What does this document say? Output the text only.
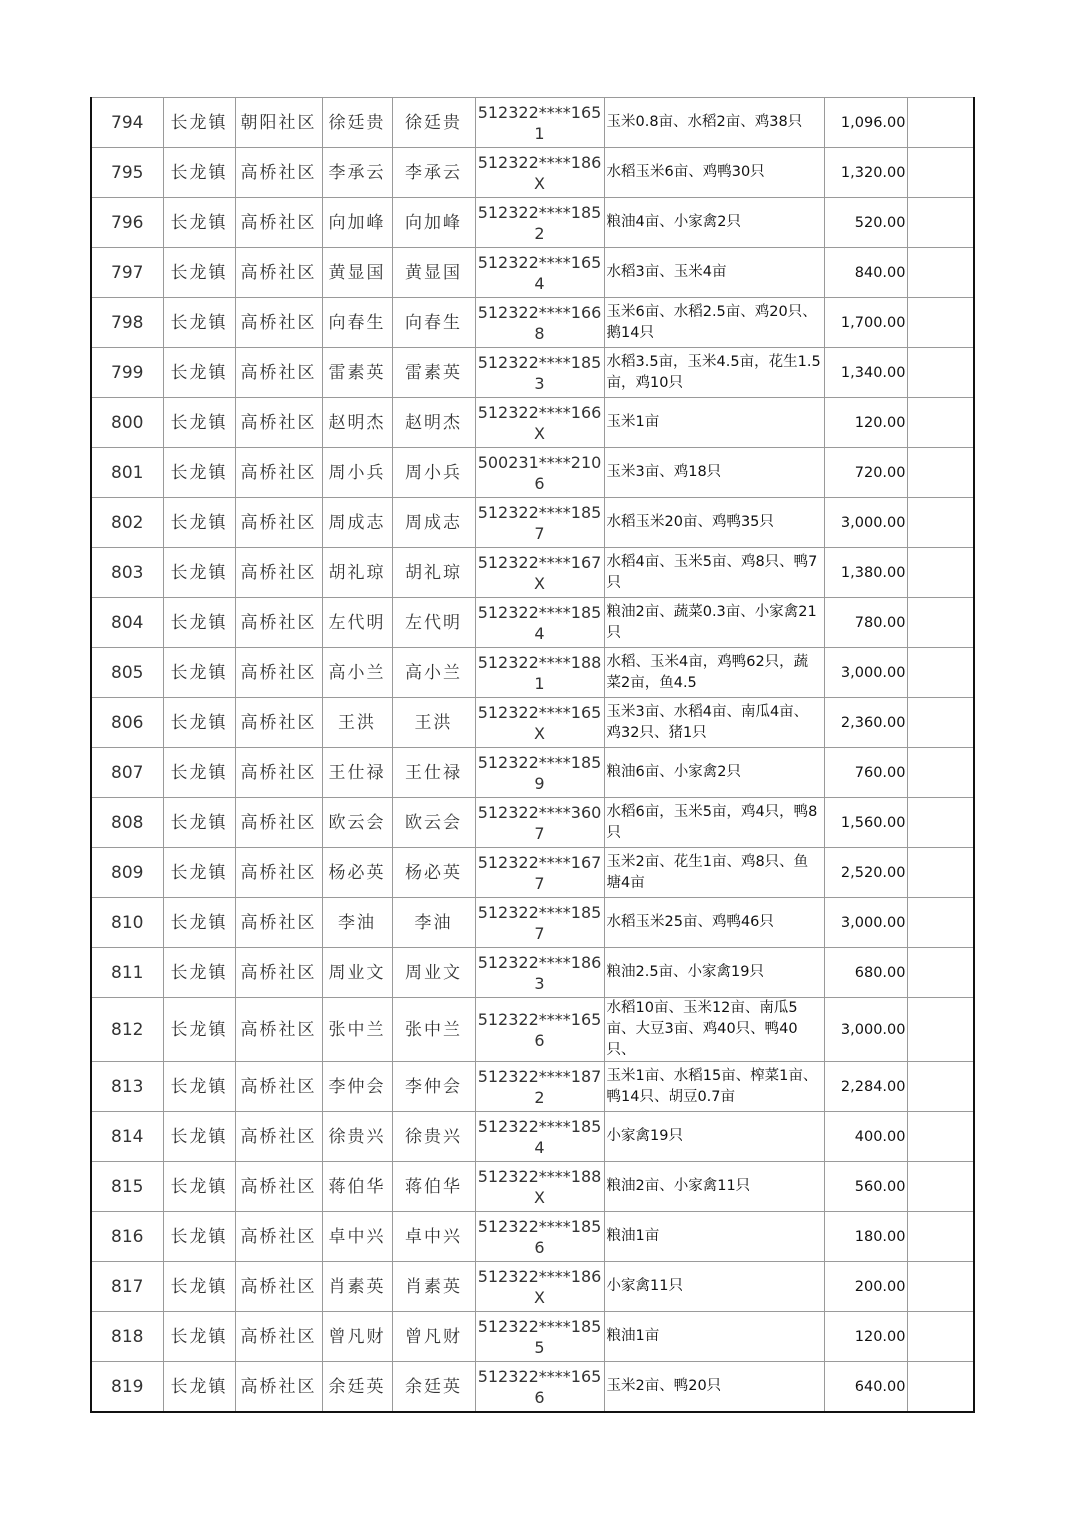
794	长龙镇	朝阳社区	徐廷贵	徐廷贵	512322****1651	玉米0.8亩、水稻2亩、鸡38只	1,096.00	
795	长龙镇	高桥社区	李承云	李承云	512322****186X	水稻玉米6亩、鸡鸭30只	1,320.00	
796	长龙镇	高桥社区	向加峰	向加峰	512322****1852	粮油4亩、小家禽2只	520.00	
797	长龙镇	高桥社区	黄显国	黄显国	512322****1654	水稻3亩、玉米4亩	840.00	
798	长龙镇	高桥社区	向春生	向春生	512322****1668	玉米6亩、水稻2.5亩、鸡20只、鹅14只	1,700.00	
799	长龙镇	高桥社区	雷素英	雷素英	512322****1853	水稻3.5亩，玉米4.5亩，花生1.5亩，鸡10只	1,340.00	
800	长龙镇	高桥社区	赵明杰	赵明杰	512322****166X	玉米1亩	120.00	
801	长龙镇	高桥社区	周小兵	周小兵	500231****2106	玉米3亩、鸡18只	720.00	
802	长龙镇	高桥社区	周成志	周成志	512322****1857	水稻玉米20亩、鸡鸭35只	3,000.00	
803	长龙镇	高桥社区	胡礼琼	胡礼琼	512322****167X	水稻4亩、玉米5亩、鸡8只、鸭7只	1,380.00	
804	长龙镇	高桥社区	左代明	左代明	512322****1854	粮油2亩、蔬菜0.3亩、小家禽21只	780.00	
805	长龙镇	高桥社区	高小兰	高小兰	512322****1881	水稻、玉米4亩，鸡鸭62只，蔬菜2亩，鱼4.5	3,000.00	
806	长龙镇	高桥社区	王洪	王洪	512322****165X	玉米3亩、水稻4亩、南瓜4亩、鸡32只、猪1只	2,360.00	
807	长龙镇	高桥社区	王仕禄	王仕禄	512322****1859	粮油6亩、小家禽2只	760.00	
808	长龙镇	高桥社区	欧云会	欧云会	512322****3607	水稻6亩，玉米5亩，鸡4只，鸭8只	1,560.00	
809	长龙镇	高桥社区	杨必英	杨必英	512322****1677	玉米2亩、花生1亩、鸡8只、鱼塘4亩	2,520.00	
810	长龙镇	高桥社区	李油	李油	512322****1857	水稻玉米25亩、鸡鸭46只	3,000.00	
811	长龙镇	高桥社区	周业文	周业文	512322****1863	粮油2.5亩、小家禽19只	680.00	
812	长龙镇	高桥社区	张中兰	张中兰	512322****1656	水稻10亩、玉米12亩、南瓜5亩、大豆3亩、鸡40只、鸭40只、	3,000.00	
813	长龙镇	高桥社区	李仲会	李仲会	512322****1872	玉米1亩、水稻15亩、榨菜1亩、鸭14只、胡豆0.7亩	2,284.00	
814	长龙镇	高桥社区	徐贵兴	徐贵兴	512322****1854	小家禽19只	400.00	
815	长龙镇	高桥社区	蒋伯华	蒋伯华	512322****188X	粮油2亩、小家禽11只	560.00	
816	长龙镇	高桥社区	卓中兴	卓中兴	512322****1856	粮油1亩	180.00	
817	长龙镇	高桥社区	肖素英	肖素英	512322****186X	小家禽11只	200.00	
818	长龙镇	高桥社区	曾凡财	曾凡财	512322****1855	粮油1亩	120.00	
819	长龙镇	高桥社区	余廷英	余廷英	512322****1656	玉米2亩、鸭20只	640.00	
